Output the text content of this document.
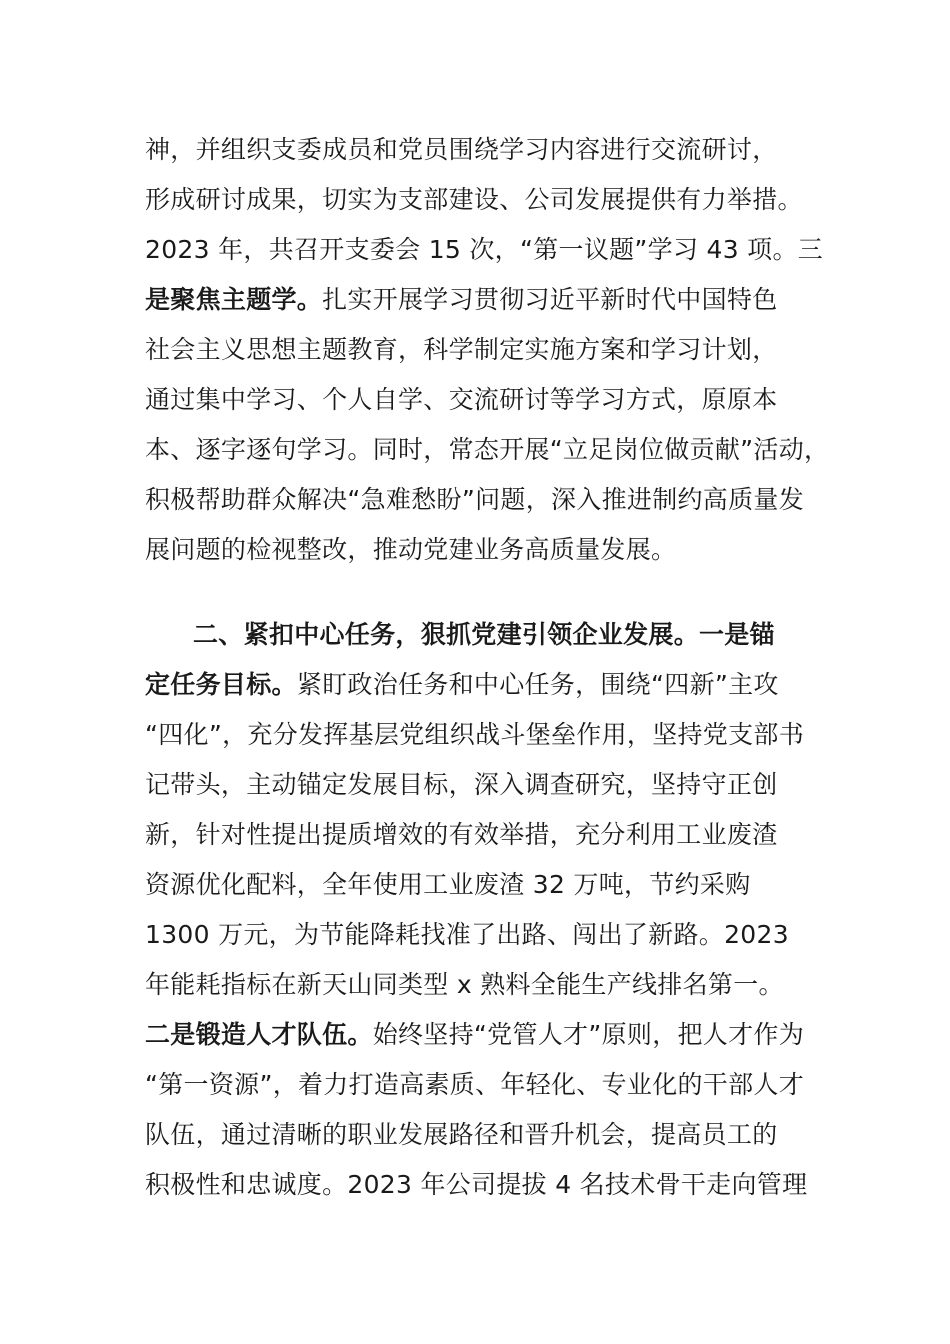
神，并组织支委成员和党员围绕学习内容进行交流研讨，
形成研讨成果，切实为支部建设、公司发展提供有力举措。
2023 年，共召开支委会 15 次，“第一议题”学习 43 项。三
是聚焦主题学。扎实开展学习贯彻习近平新时代中国特色
社会主义思想主题教育，科学制定实施方案和学习计划，
通过集中学习、个人自学、交流研讨等学习方式，原原本
本、逐字逐句学习。同时，常态开展“立足岗位做贡献”活动，
积极帮助群众解决“急难愁盼”问题，深入推进制约高质量发
展问题的检视整改，推动党建业务高质量发展。
二、紧扣中心任务，狠抓党建引领企业发展。一是锚
定任务目标。紧盯政治任务和中心任务，围绕“四新”主攻
“四化”，充分发挥基层党组织战斗堡垒作用，坚持党支部书
记带头，主动锚定发展目标，深入调查研究，坚持守正创
新，针对性提出提质增效的有效举措，充分利用工业废渣
资源优化配料，全年使用工业废渣 32 万吨，节约采购
1300 万元，为节能降耗找准了出路、闯出了新路。2023
年能耗指标在新天山同类型 x 熟料全能生产线排名第一。
二是锻造人才队伍。始终坚持“党管人才”原则，把人才作为
“第一资源”，着力打造高素质、年轻化、专业化的干部人才
队伍，通过清晰的职业发展路径和晋升机会，提高员工的
积极性和忠诚度。2023 年公司提拔 4 名技术骨干走向管理
